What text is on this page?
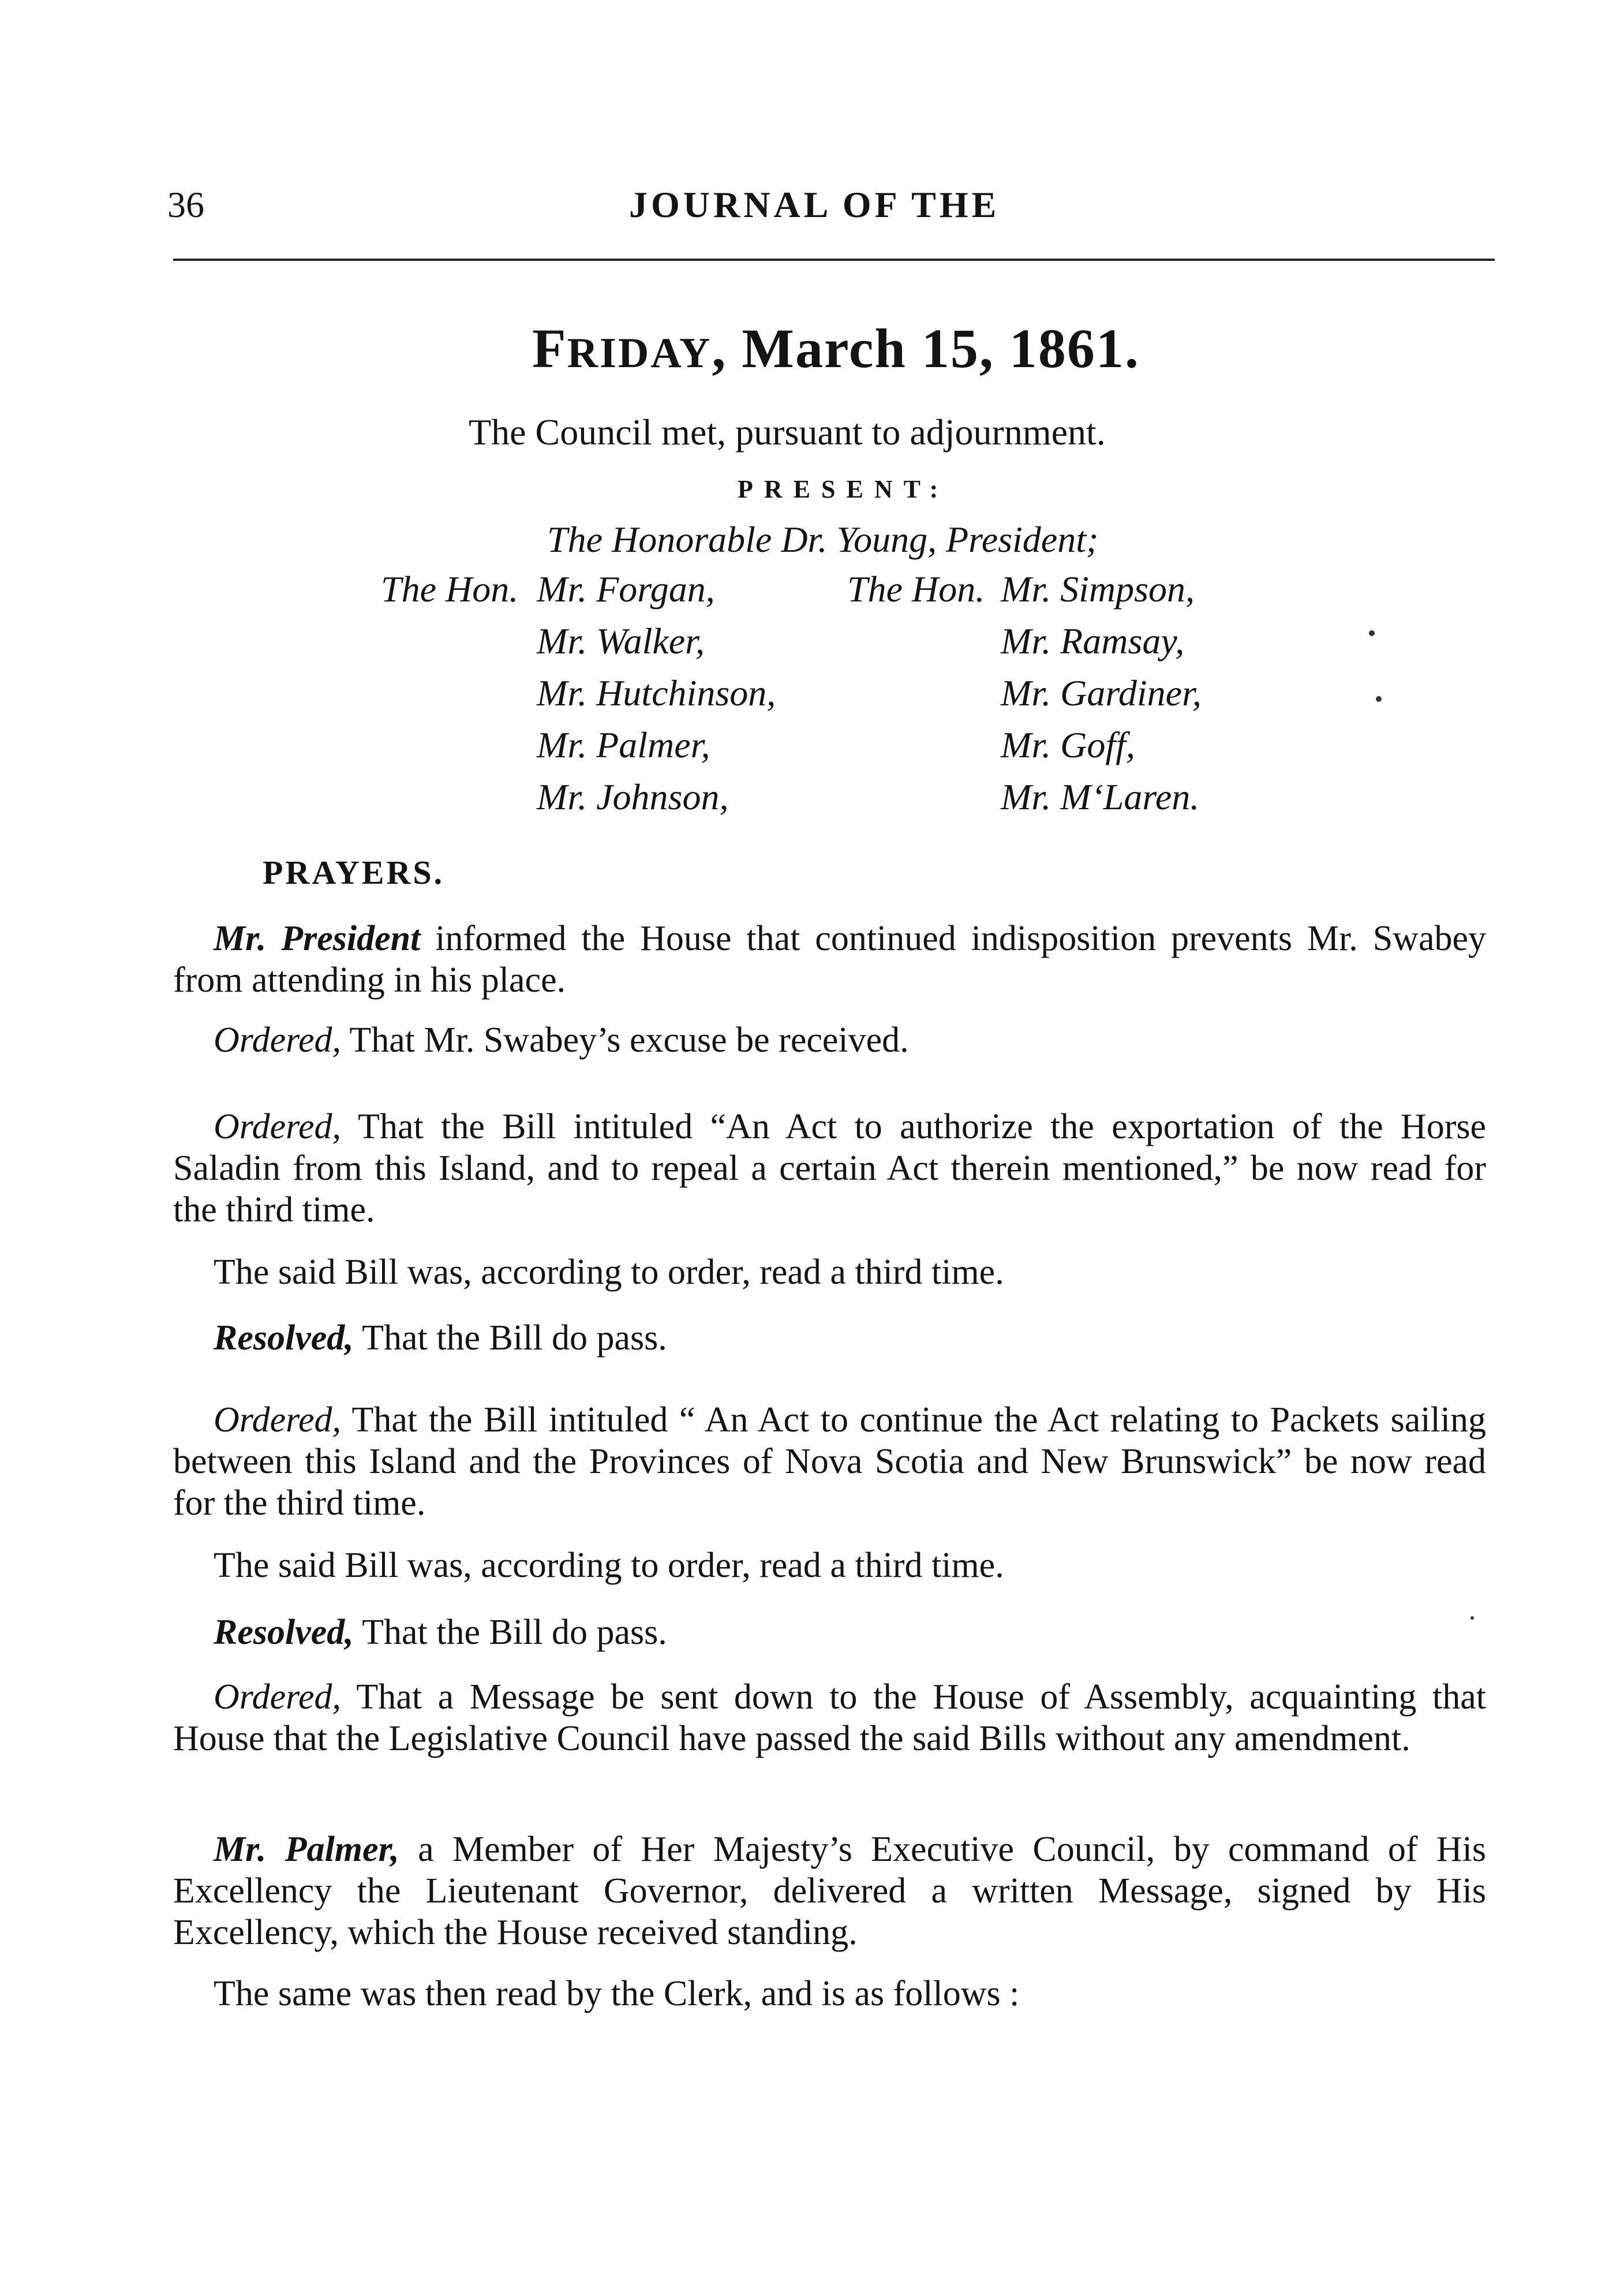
36	JOURNAL OF THE
FRIDAY, March 15, 1861.
The Council met, pursuant to adjournment.
PRESENT:
The Honorable Dr. Young, President;
The Hon.	The Hon.
Mr. Forgan,
Mr. Walker,
Mr. Hutchinson,
Mr. Palmer,
Mr. Johnson,
Mr. Simpson,
Mr. Ramsay,
Mr. Gardiner,
Mr. Goff,
Mr. M‘Laren.
PRAYERS.
Mr. President informed the House that continued indisposition prevents Mr. Swabey from attending in his place.
Ordered, That Mr. Swabey’s excuse be received.
Ordered, That the Bill intituled “An Act to authorize the exportation of the Horse Saladin from this Island, and to repeal a certain Act therein mentioned,” be now read for the third time.
The said Bill was, according to order, read a third time.
Resolved, That the Bill do pass.
Ordered, That the Bill intituled “ An Act to continue the Act relating to Packets sailing between this Island and the Provinces of Nova Scotia and New Brunswick” be now read for the third time.
The said Bill was, according to order, read a third time.
Resolved, That the Bill do pass.
Ordered, That a Message be sent down to the House of Assembly, acquainting that House that the Legislative Council have passed the said Bills without any amendment.
Mr. Palmer, a Member of Her Majesty’s Executive Council, by command of His Excellency the Lieutenant Governor, delivered a written Message, signed by His Excellency, which the House received standing.
The same was then read by the Clerk, and is as follows :
